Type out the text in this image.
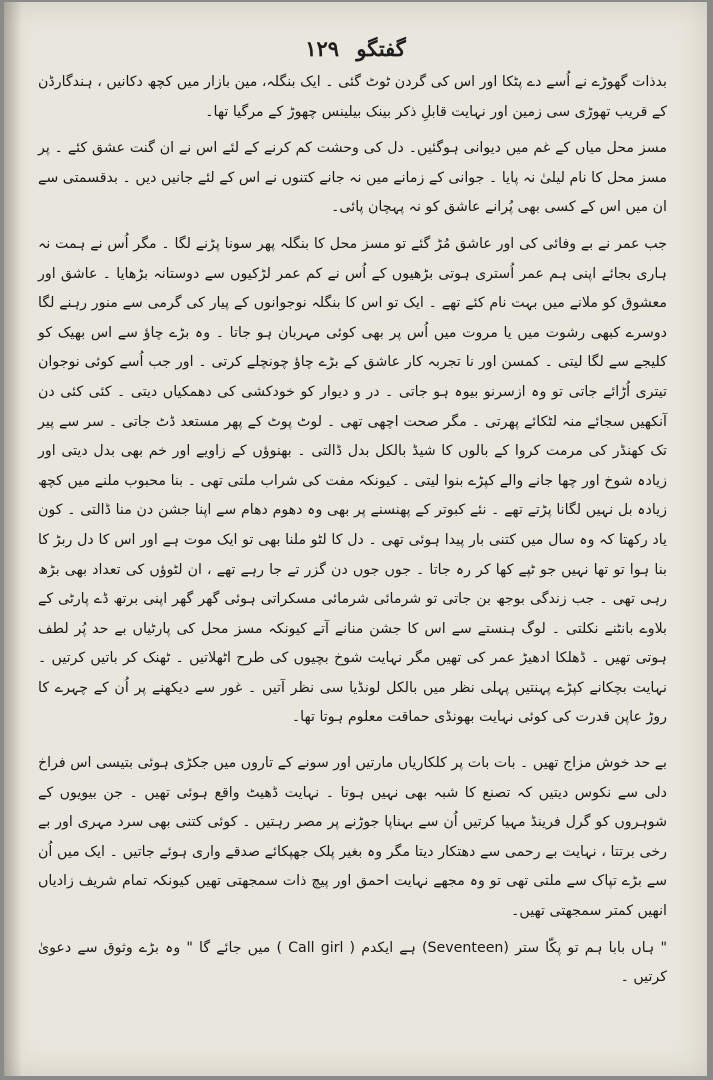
۱۲۹ گفتگو

بدذات گھوڑے نے اُسے دے پٹکا اور اس کی گردن ٹوٹ گئی ۔ ایک بنگلہ، مین بازار میں کچھ دکانیں ، ہندگارڈن کے قریب تھوڑی سی زمین اور نہایت قابلِ ذکر بینک بیلینس چھوڑ کے مرگیا تھا۔

مسز محل میاں کے غم میں دیوانی ہوگئیں۔ دل کی وحشت کم کرنے کے لئے اس نے ان گنت عشق کئے ۔ پر مسز محل کا نام لیلیٰ نہ پایا ۔ جوانی کے زمانے میں نہ جانے کتنوں نے اس کے لئے جانیں دیں ۔ بدقسمتی سے ان میں اس کے کسی بھی پُرانے عاشق کو نہ پہچان پائی۔

جب عمر نے بے وفائی کی اور عاشق مُڑ گئے تو مسز محل کا بنگلہ پھر سونا پڑنے لگا ۔ مگر اُس نے ہمت نہ ہاری بجائے اپنی ہم عمر اُستری ہوتی بڑھیوں کے اُس نے کم عمر لڑکیوں سے دوستانہ بڑھایا ۔ عاشق اور معشوق کو ملانے میں بہت نام کئے تھے ۔ ایک تو اس کا بنگلہ نوجوانوں کے پیار کی گرمی سے منور رہنے لگا دوسرے کبھی رشوت میں یا مروت میں اُس پر بھی کوئی مہربان ہو جاتا ۔ وہ بڑے چاؤ سے اس بھیک کو کلیجے سے لگا لیتی ۔ کمسن اور نا تجربہ کار عاشق کے بڑے چاؤ چونچلے کرتی ۔ اور جب اُسے کوئی نوجوان تیتری اُڑائے جاتی تو وہ ازسرنو بیوہ ہو جاتی ۔ در و دیوار کو خودکشی کی دھمکیاں دیتی ۔ کئی کئی دن آنکھیں سجائے منہ لٹکائے پھرتی ۔ مگر صحت اچھی تھی ۔ لوٹ پوٹ کے پھر مستعد ڈٹ جاتی ۔ سر سے پیر تک کھنڈر کی مرمت کروا کے بالوں کا شیڈ بالکل بدل ڈالتی ۔ بھنوؤں کے زاویے اور خم بھی بدل دیتی اور زیادہ شوخ اور چھا جانے والے کپڑے بنوا لیتی ۔ کیونکہ مفت کی شراب ملتی تھی ۔ بنا محبوب ملنے میں کچھ زیادہ بل نہیں لگانا پڑتے تھے ۔ نئے کبوتر کے پھنسنے پر بھی وہ دھوم دھام سے اپنا جشن دن منا ڈالتی ۔ کون یاد رکھتا کہ وہ سال میں کتنی بار پیدا ہوئی تھی ۔ دل کا لٹو ملنا بھی تو ایک موت ہے اور اس کا دل ربڑ کا بنا ہوا تو تھا نہیں جو ٹپے کھا کر رہ جاتا ۔ جوں جوں دن گزر تے جا رہے تھے ، ان لٹوؤں کی تعداد بھی بڑھ رہی تھی ۔ جب زندگی بوجھ بن جاتی تو شرمائی شرمائی مسکراتی ہوئی گھر گھر اپنی برتھ ڈے پارٹی کے بلاوے بانٹنے نکلتی ۔ لوگ ہنستے سے اس کا جشن منانے آتے کیونکہ مسز محل کی پارٹیاں بے حد پُر لطف ہوتی تھیں ۔ ڈھلکا ادھیڑ عمر کی تھیں مگر نہایت شوخ بچیوں کی طرح اٹھلاتیں ۔ ٹھنک کر باتیں کرتیں ۔ نہایت بچکانے کپڑے پہنتیں پہلی نظر میں بالکل لونڈیا سی نظر آتیں ۔ غور سے دیکھنے پر اُن کے چہرے کا روڑ عاپن قدرت کی کوئی نہایت بھونڈی حماقت معلوم ہوتا تھا۔

بے حد خوش مزاج تھیں ۔ بات بات پر کلکاریاں مارتیں اور سونے کے تاروں میں جکڑی ہوئی بتیسی اس فراخ دلی سے نکوس دیتیں کہ تصنع کا شبہ بھی نہیں ہوتا ۔ نہایت ڈھیٹ واقع ہوئی تھیں ۔ جن بیویوں کے شوہروں کو گرل فرینڈ مہیا کرتیں اُن سے بہناپا جوڑنے پر مصر رہتیں ۔ کوئی کتنی بھی سرد مہری اور بے رخی برتتا ، نہایت بے رحمی سے دھتکار دیتا مگر وہ بغیر پلک جھپکائے صدقے واری ہوئے جاتیں ۔ ایک میں اُن سے بڑے تپاک سے ملتی تھی تو وہ مجھے نہایت احمق اور پیچ ذات سمجھتی تھیں کیونکہ تمام شریف زادیاں انھیں کمتر سمجھتی تھیں۔

" ہاں بابا ہم تو پکّا ستر (Seventeen) ہے ایکدم ( Call girl ) میں جائے گا " وہ بڑے وثوق سے دعویٰ کرتیں ۔
